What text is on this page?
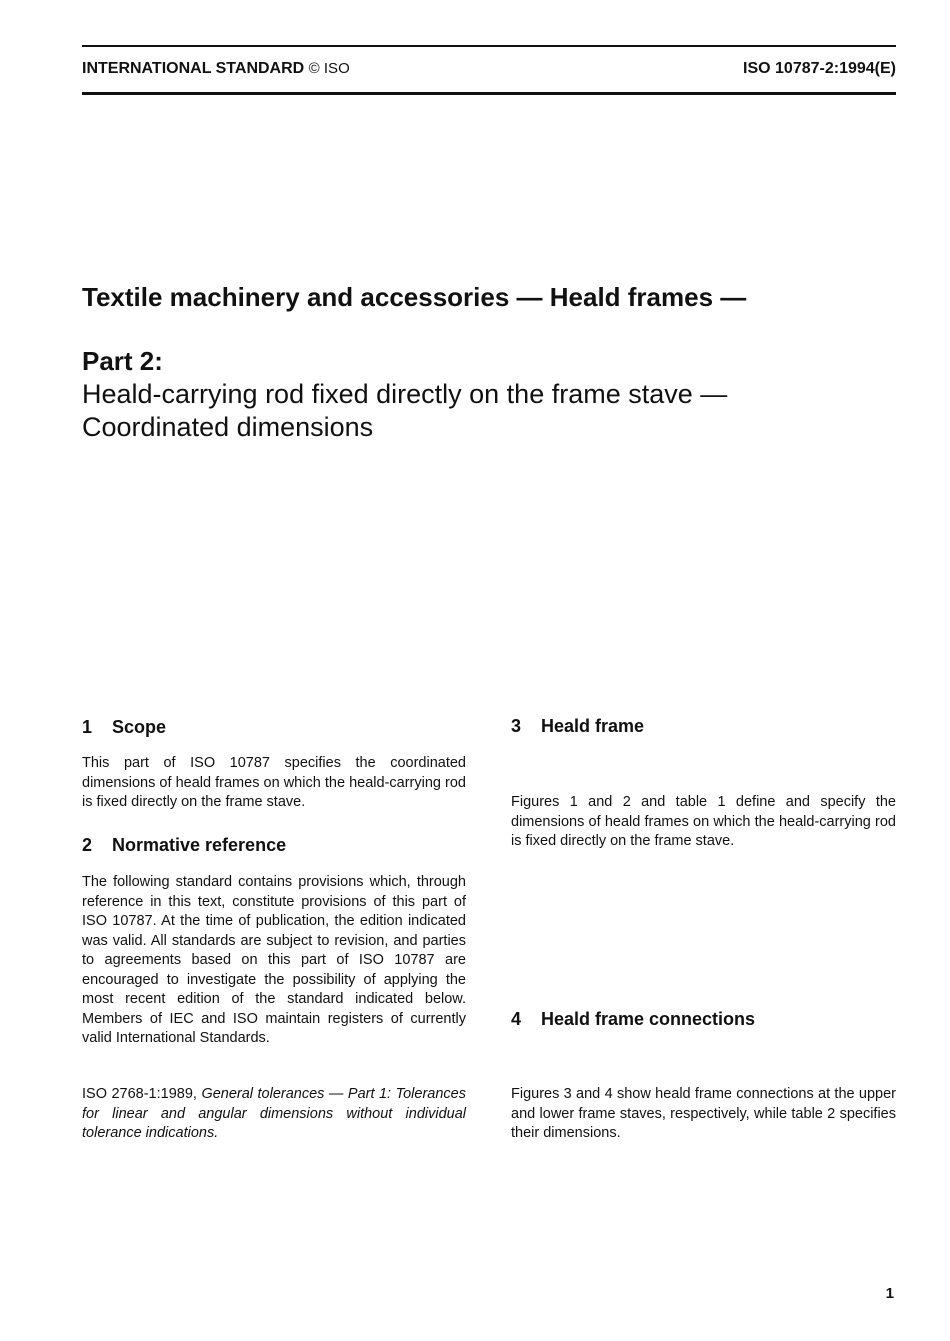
INTERNATIONAL STANDARD © ISO	ISO 10787-2:1994(E)
Textile machinery and accessories — Heald frames —
Part 2:
Heald-carrying rod fixed directly on the frame stave —
Coordinated dimensions
1 Scope

This part of ISO 10787 specifies the coordinated dimensions of heald frames on which the heald-carrying rod is fixed directly on the frame stave.

2 Normative reference

The following standard contains provisions which, through reference in this text, constitute provisions of this part of ISO 10787. At the time of publication, the edition indicated was valid. All standards are subject to revision, and parties to agreements based on this part of ISO 10787 are encouraged to investigate the possibility of applying the most recent edition of the standard indicated below. Members of IEC and ISO maintain registers of currently valid International Standards.

ISO 2768-1:1989, General tolerances — Part 1: Tolerances for linear and angular dimensions without individual tolerance indications.

3 Heald frame

Figures 1 and 2 and table 1 define and specify the dimensions of heald frames on which the heald-carrying rod is fixed directly on the frame stave.

4 Heald frame connections

Figures 3 and 4 show heald frame connections at the upper and lower frame staves, respectively, while table 2 specifies their dimensions.

1
